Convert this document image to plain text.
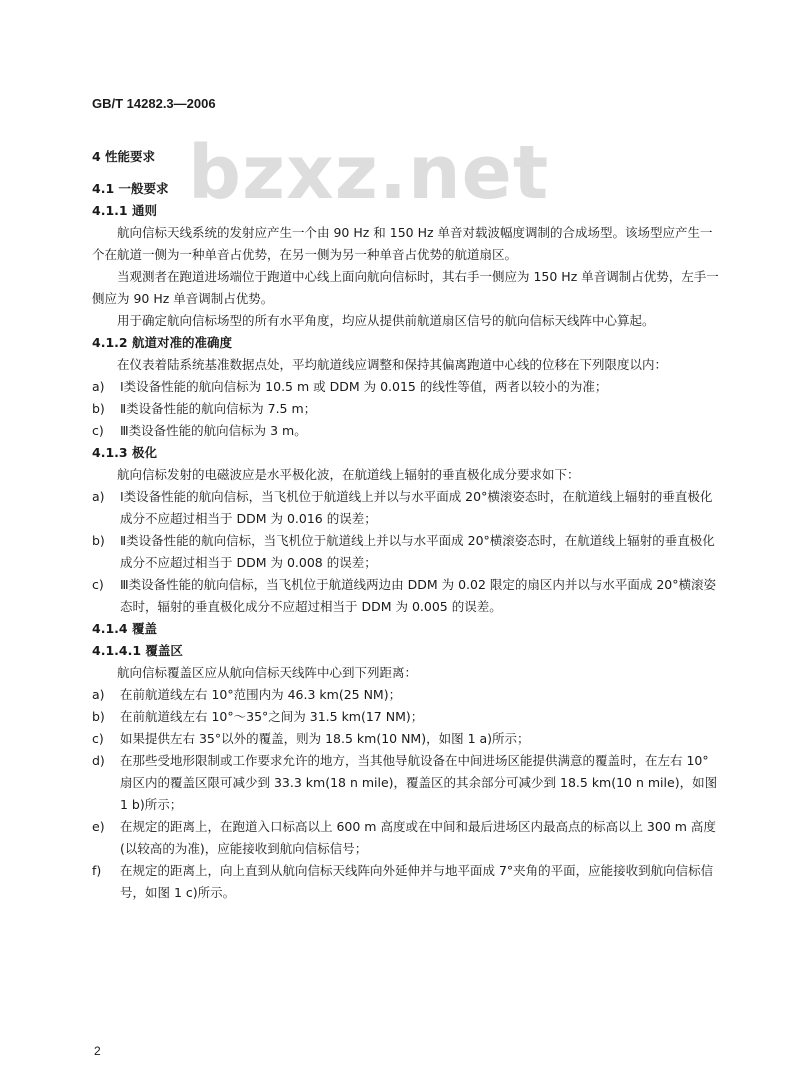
GB/T 14282.3—2006
bzxz.net
4 性能要求
4.1 一般要求
4.1.1 通则
航向信标天线系统的发射应产生一个由 90 Hz 和 150 Hz 单音对载波幅度调制的合成场型。该场型应产生一个在航道一侧为一种单音占优势，在另一侧为另一种单音占优势的航道扇区。
当观测者在跑道进场端位于跑道中心线上面向航向信标时，其右手一侧应为 150 Hz 单音调制占优势，左手一侧应为 90 Hz 单音调制占优势。
用于确定航向信标场型的所有水平角度，均应从提供前航道扇区信号的航向信标天线阵中心算起。
4.1.2 航道对准的准确度
在仪表着陆系统基准数据点处，平均航道线应调整和保持其偏离跑道中心线的位移在下列限度以内：
a)	Ⅰ类设备性能的航向信标为 10.5 m 或 DDM 为 0.015 的线性等值，两者以较小的为准；
b)	Ⅱ类设备性能的航向信标为 7.5 m；
c)	Ⅲ类设备性能的航向信标为 3 m。
4.1.3 极化
航向信标发射的电磁波应是水平极化波，在航道线上辐射的垂直极化成分要求如下：
a)	Ⅰ类设备性能的航向信标，当飞机位于航道线上并以与水平面成 20°横滚姿态时，在航道线上辐射的垂直极化成分不应超过相当于 DDM 为 0.016 的误差；
b)	Ⅱ类设备性能的航向信标，当飞机位于航道线上并以与水平面成 20°横滚姿态时，在航道线上辐射的垂直极化成分不应超过相当于 DDM 为 0.008 的误差；
c)	Ⅲ类设备性能的航向信标，当飞机位于航道线两边由 DDM 为 0.02 限定的扇区内并以与水平面成 20°横滚姿态时，辐射的垂直极化成分不应超过相当于 DDM 为 0.005 的误差。
4.1.4 覆盖
4.1.4.1 覆盖区
航向信标覆盖区应从航向信标天线阵中心到下列距离：
a)	在前航道线左右 10°范围内为 46.3 km(25 NM)；
b)	在前航道线左右 10°～35°之间为 31.5 km(17 NM)；
c)	如果提供左右 35°以外的覆盖，则为 18.5 km(10 NM)，如图 1 a)所示；
d)	在那些受地形限制或工作要求允许的地方，当其他导航设备在中间进场区能提供满意的覆盖时，在左右 10°扇区内的覆盖区限可减少到 33.3 km(18 n mile)，覆盖区的其余部分可减少到 18.5 km(10 n mile)，如图 1 b)所示；
e)	在规定的距离上，在跑道入口标高以上 600 m 高度或在中间和最后进场区内最高点的标高以上 300 m 高度(以较高的为准)，应能接收到航向信标信号；
f)	在规定的距离上，向上直到从航向信标天线阵向外延伸并与地平面成 7°夹角的平面，应能接收到航向信标信号，如图 1 c)所示。
2
